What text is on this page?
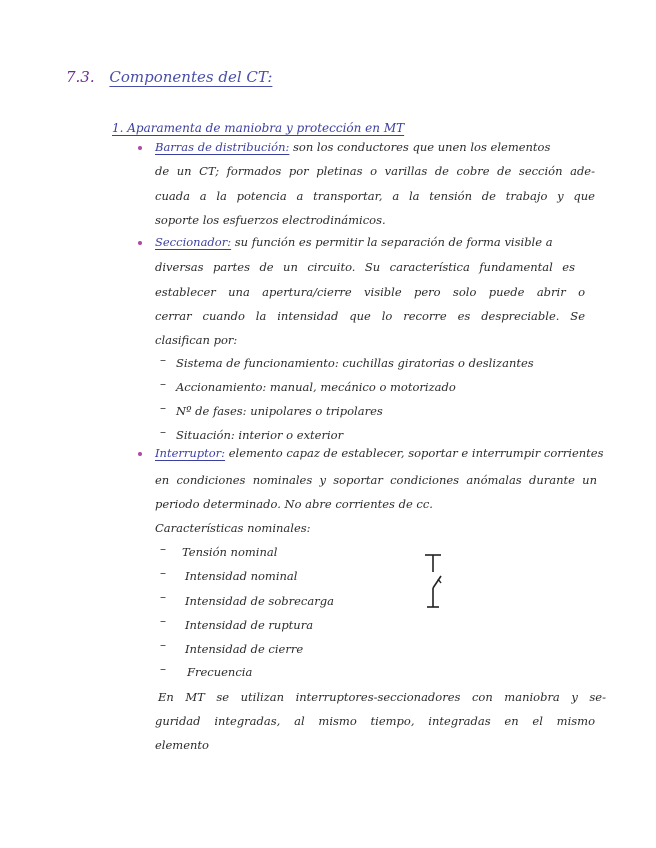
7.3. Componentes del CT:
1. Aparamenta de maniobra y protección en MT
Barras de distribución: son los conductores que unen los elementos
de un CT; formados por pletinas o varillas de cobre de sección ade-
cuada a la potencia a transportar, a la tensión de trabajo y que
soporte los esfuerzos electrodinámicos.
Seccionador: su función es permitir la separación de forma visible a
diversas partes de un circuito. Su característica fundamental es
establecer una apertura/cierre visible pero solo puede abrir o
cerrar cuando la intensidad que lo recorre es despreciable. Se
clasifican por:
– Sistema de funcionamiento: cuchillas giratorias o deslizantes
– Accionamiento: manual, mecánico o motorizado
– Nº de fases: unipolares o tripolares
– Situación: interior o exterior
Interruptor: elemento capaz de establecer, soportar e interrumpir corrientes
en condiciones nominales y soportar condiciones anómalas durante un
periodo determinado. No abre corrientes de cc.
Características nominales:
– Tensión nominal
– Intensidad nominal
– Intensidad de sobrecarga
– Intensidad de ruptura
– Intensidad de cierre
– Frecuencia
En MT se utilizan interruptores-seccionadores con maniobra y se-
guridad integradas, al mismo tiempo, integradas en el mismo
elemento
